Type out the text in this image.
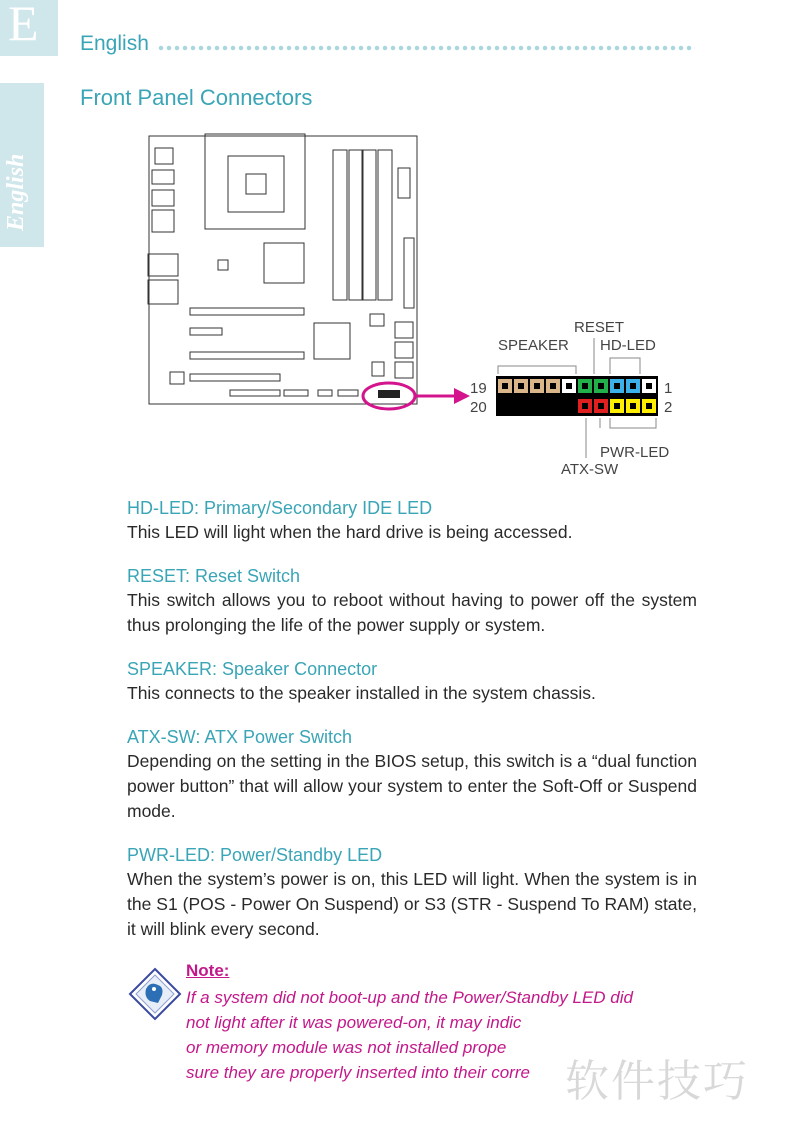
E
English
English
Front Panel Connectors
RESET
SPEAKER HD-LED
PWR-LED
ATX-SW
19
20
1
2
HD-LED: Primary/Secondary IDE LED

This LED will light when the hard drive is being accessed.

RESET: Reset Switch

This switch allows you to reboot without having to power off the system thus prolonging the life of the power supply or system.

SPEAKER: Speaker Connector

This connects to the speaker installed in the system chassis.

ATX-SW: ATX Power Switch

Depending on the setting in the BIOS setup, this switch is a “dual function power button” that will allow your system to enter the Soft-Off or Suspend mode.

PWR-LED: Power/Standby LED

When the system’s power is on, this LED will light. When the system is in the S1 (POS - Power On Suspend) or S3 (STR - Suspend To RAM) state, it will blink every second.

Note:
If a system did not boot-up and the Power/Standby LED did
not light after it was powered-on, it may indic
or memory module was not installed prope
sure they are properly inserted into their corre 软件技巧
